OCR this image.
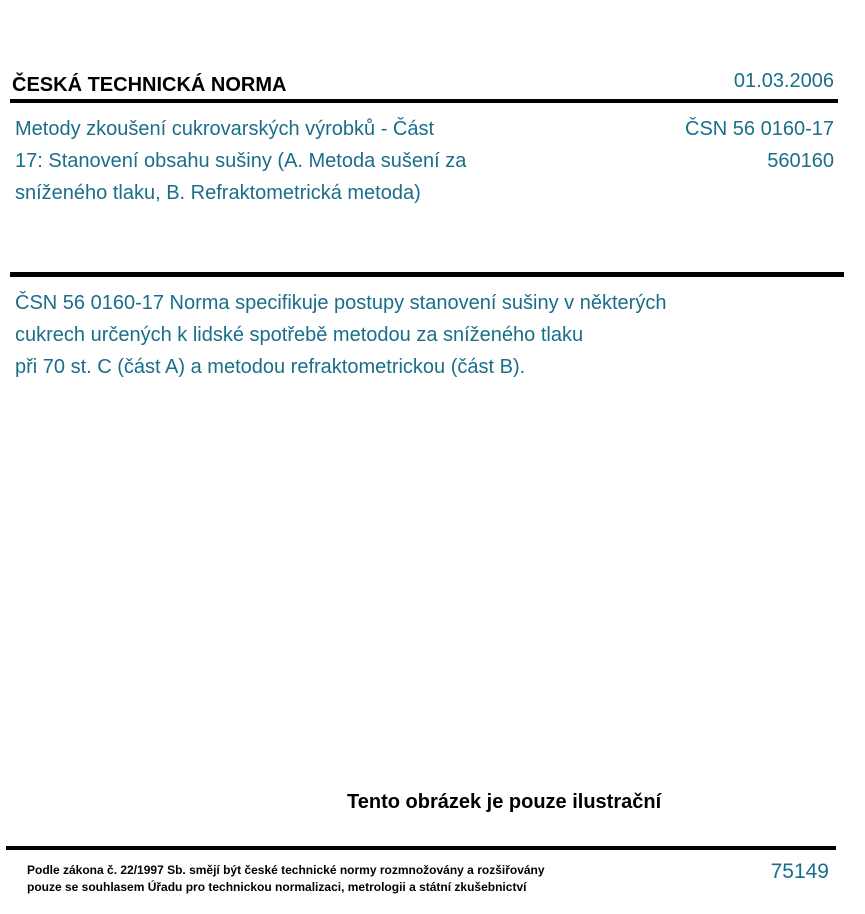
ČESKÁ TECHNICKÁ NORMA	01.03.2006
Metody zkoušení cukrovarských výrobků - Část
17: Stanovení obsahu sušiny (A. Metoda sušení za
sníženého tlaku, B. Refraktometrická metoda)
ČSN 56 0160-17
560160
ČSN 56 0160-17 Norma specifikuje postupy stanovení sušiny v některých
cukrech určených k lidské spotřebě metodou za sníženého tlaku
při 70 st. C (část A) a metodou refraktometrickou (část B).
Tento obrázek je pouze ilustrační
Podle zákona č. 22/1997 Sb. smějí být české technické normy rozmnožovány a rozšiřovány
pouze se souhlasem Úřadu pro technickou normalizaci, metrologii a státní zkušebnictví
75149
